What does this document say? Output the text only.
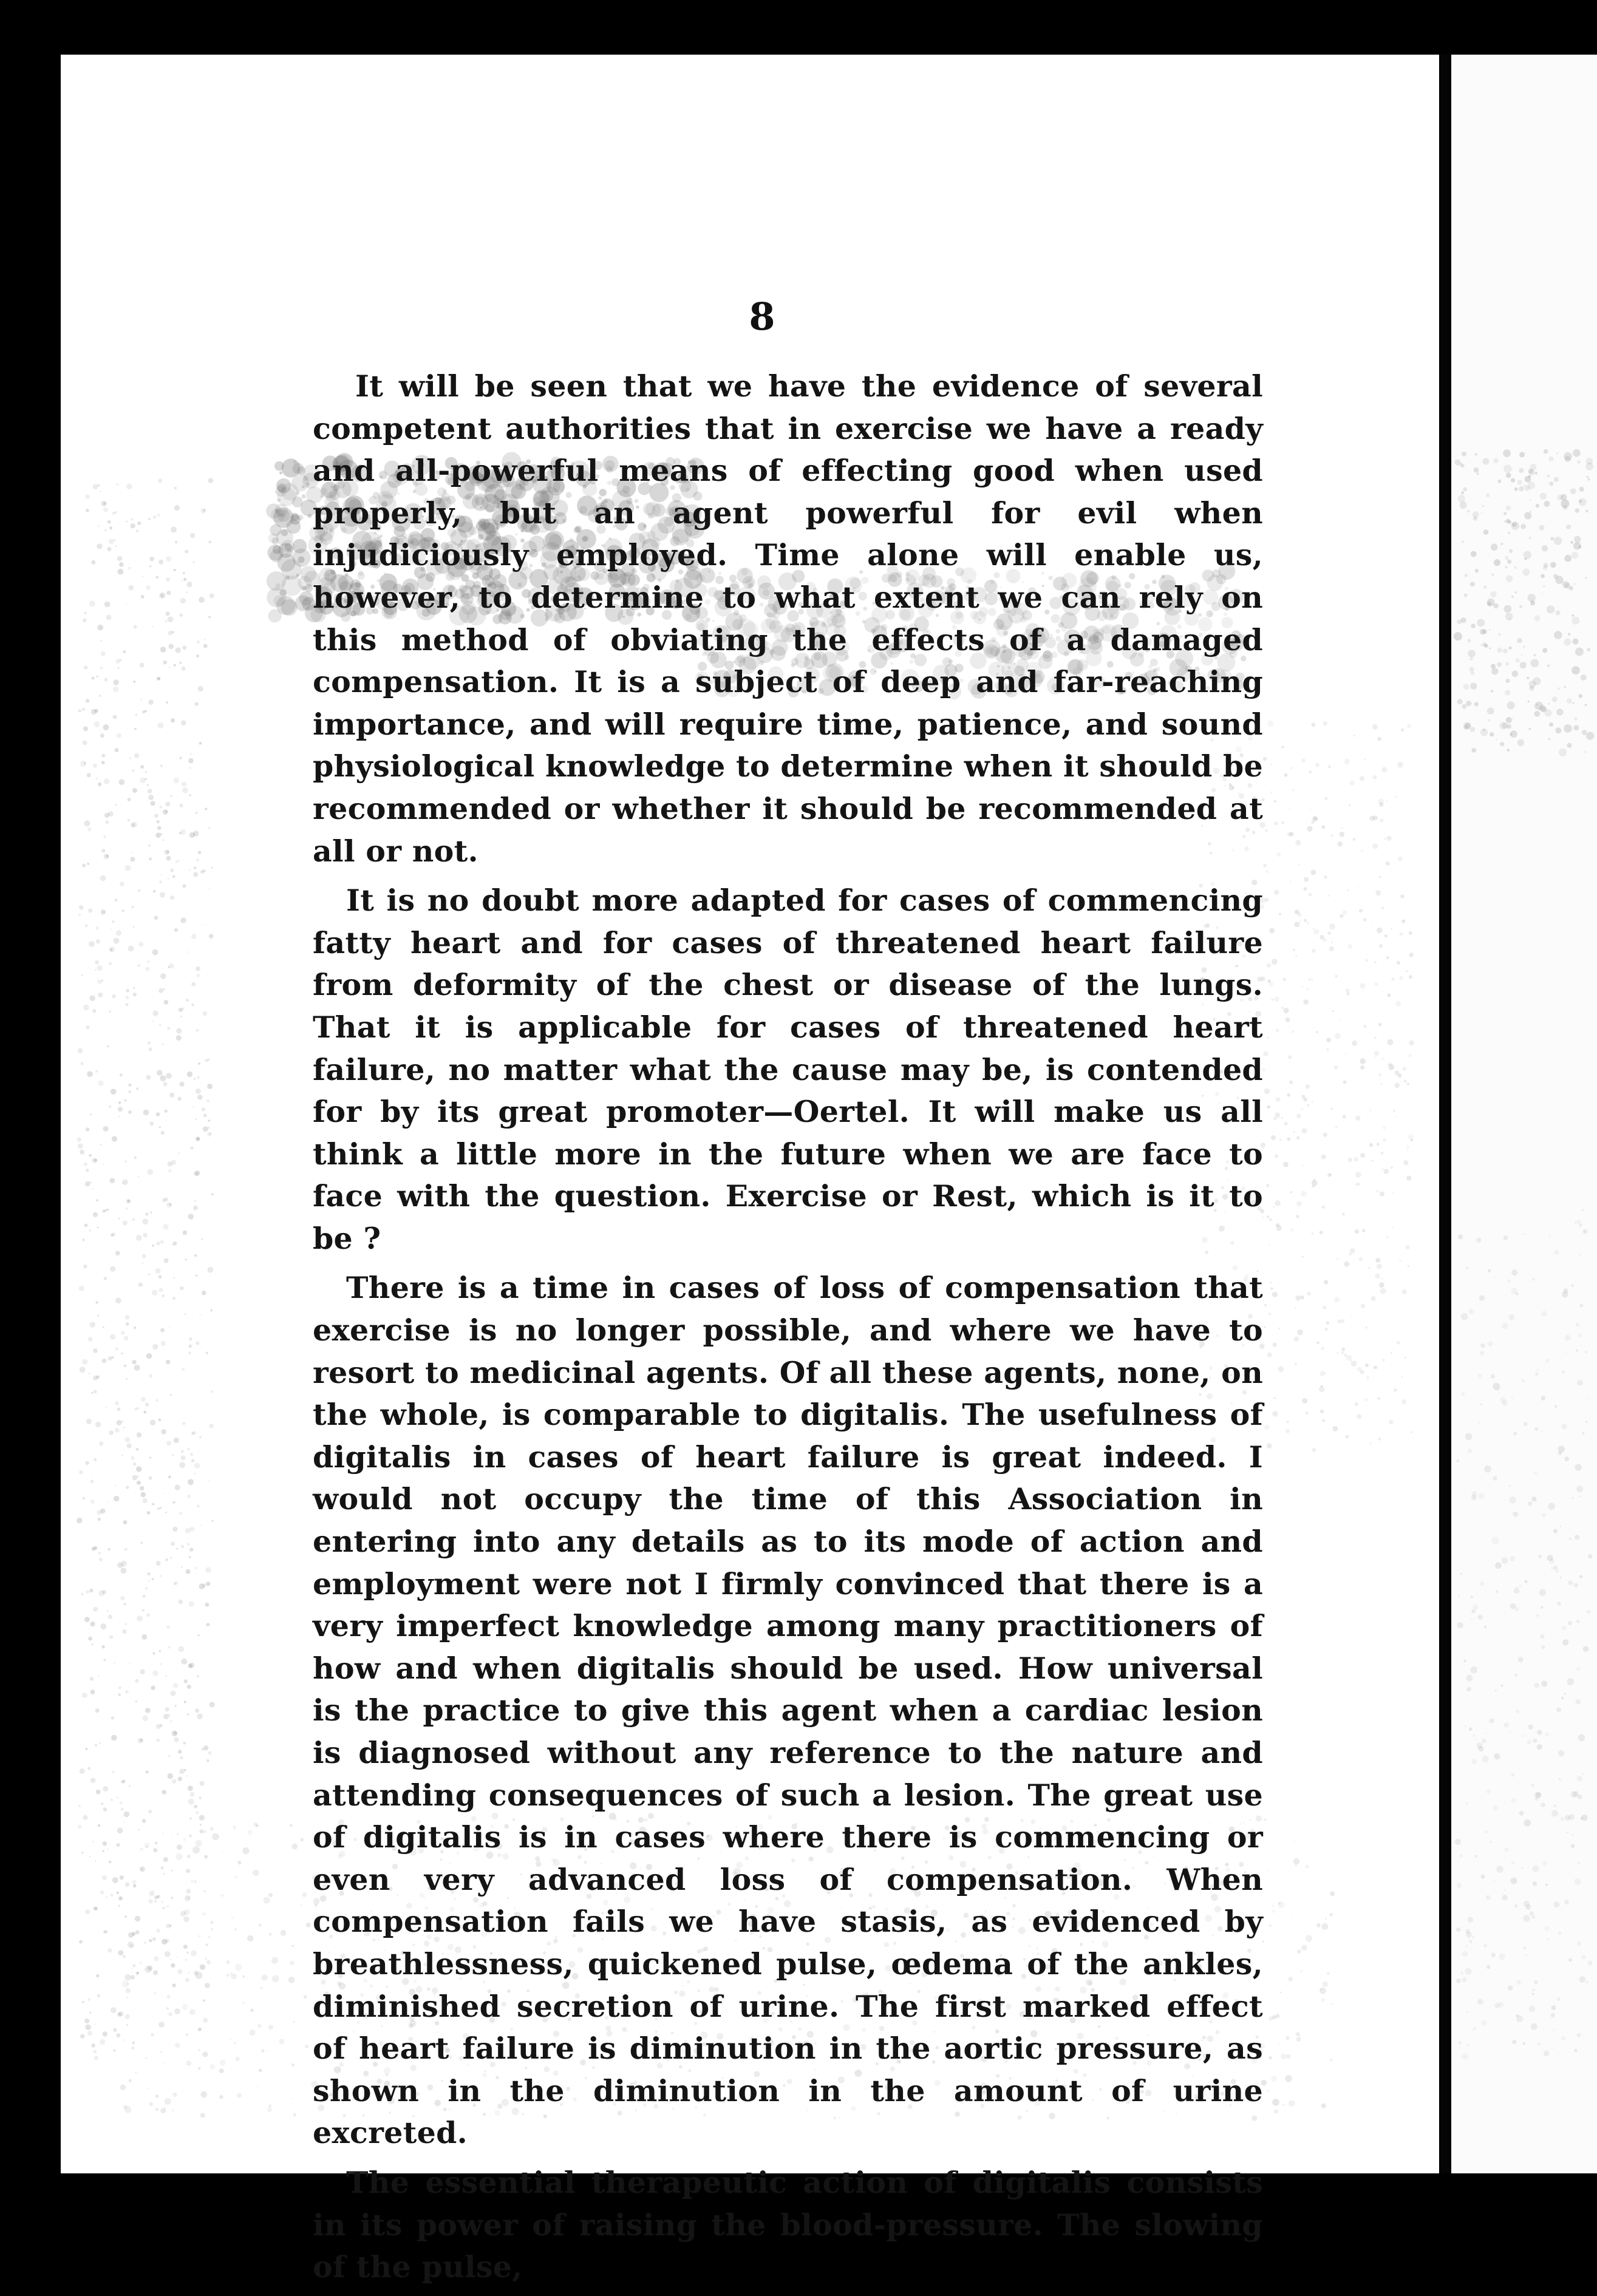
8

It will be seen that we have the evidence of several competent authorities that in exercise we have a ready and all-powerful means of effecting good when used properly, but an agent powerful for evil when injudiciously employed. Time alone will enable us, however, to determine to what extent we can rely on this method of obviating the effects of a damaged compensation. It is a subject of deep and far-reaching importance, and will require time, patience, and sound physiological knowledge to determine when it should be recommended or whether it should be recommended at all or not.

It is no doubt more adapted for cases of commencing fatty heart and for cases of threatened heart failure from deformity of the chest or disease of the lungs. That it is applicable for cases of threatened heart failure, no matter what the cause may be, is contended for by its great promoter—Oertel. It will make us all think a little more in the future when we are face to face with the question. Exercise or Rest, which is it to be ?

There is a time in cases of loss of compensation that exercise is no longer possible, and where we have to resort to medicinal agents. Of all these agents, none, on the whole, is comparable to digitalis. The usefulness of digitalis in cases of heart failure is great indeed. I would not occupy the time of this Association in entering into any details as to its mode of action and employment were not I firmly convinced that there is a very imperfect knowledge among many practitioners of how and when digitalis should be used. How universal is the practice to give this agent when a cardiac lesion is diagnosed without any reference to the nature and attending consequences of such a lesion. The great use of digitalis is in cases where there is commencing or even very advanced loss of compensation. When compensation fails we have stasis, as evidenced by breathlessness, quickened pulse, œdema of the ankles, diminished secretion of urine. The first marked effect of heart failure is diminution in the aortic pressure, as shown in the diminution in the amount of urine excreted.

The essential therapeutic action of digitalis consists in its power of raising the blood-pressure. The slowing of the pulse,
